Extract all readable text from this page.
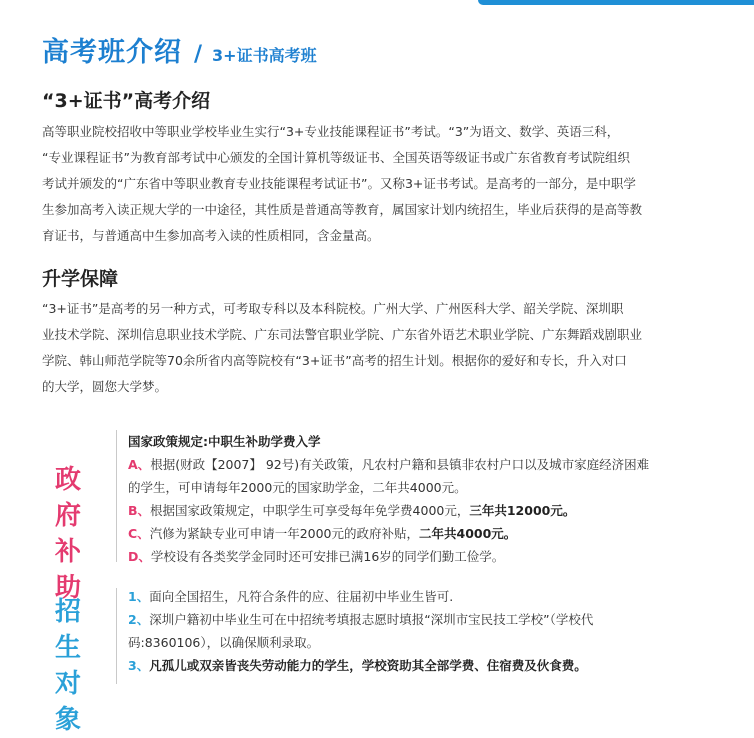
高考班介绍 / 3+证书高考班
“3+证书”高考介绍
高等职业院校招收中等职业学校毕业生实行“3+专业技能课程证书”考试。“3”为语文、数学、英语三科，
“专业课程证书”为教育部考试中心颁发的全国计算机等级证书、全国英语等级证书或广东省教育考试院组织
考试并颁发的“广东省中等职业教育专业技能课程考试证书”。又称3+证书考试。是高考的一部分，是中职学
生参加高考入读正规大学的一中途径，其性质是普通高等教育，属国家计划内统招生，毕业后获得的是高等教
育证书，与普通高中生参加高考入读的性质相同，含金量高。
升学保障
“3+证书”是高考的另一种方式，可考取专科以及本科院校。广州大学、广州医科大学、韶关学院、深圳职
业技术学院、深圳信息职业技术学院、广东司法警官职业学院、广东省外语艺术职业学院、广东舞蹈戏剧职业
学院、韩山师范学院等70余所省内高等院校有“3+证书”高考的招生计划。根据你的爱好和专长，升入对口
的大学，圆您大学梦。
政 府
补 助
国家政策规定:中职生补助学费入学
A、根据(财政【2007】 92号)有关政策，凡农村户籍和县镇非农村户口以及城市家庭经济困难
的学生，可申请每年2000元的国家助学金，二年共4000元。
B、根据国家政策规定，中职学生可享受每年免学费4000元，三年共12000元。
C、汽修为紧缺专业可申请一年2000元的政府补贴，二年共4000元。
D、学校设有各类奖学金同时还可安排已满16岁的同学们勤工俭学。
招 生
对 象
1、面向全国招生，凡符合条件的应、往届初中毕业生皆可.
2、深圳户籍初中毕业生可在中招统考填报志愿时填报“深圳市宝民技工学校”（学校代
码:8360106），以确保顺利录取。
3、凡孤儿或双亲皆丧失劳动能力的学生，学校资助其全部学费、住宿费及伙食费。
